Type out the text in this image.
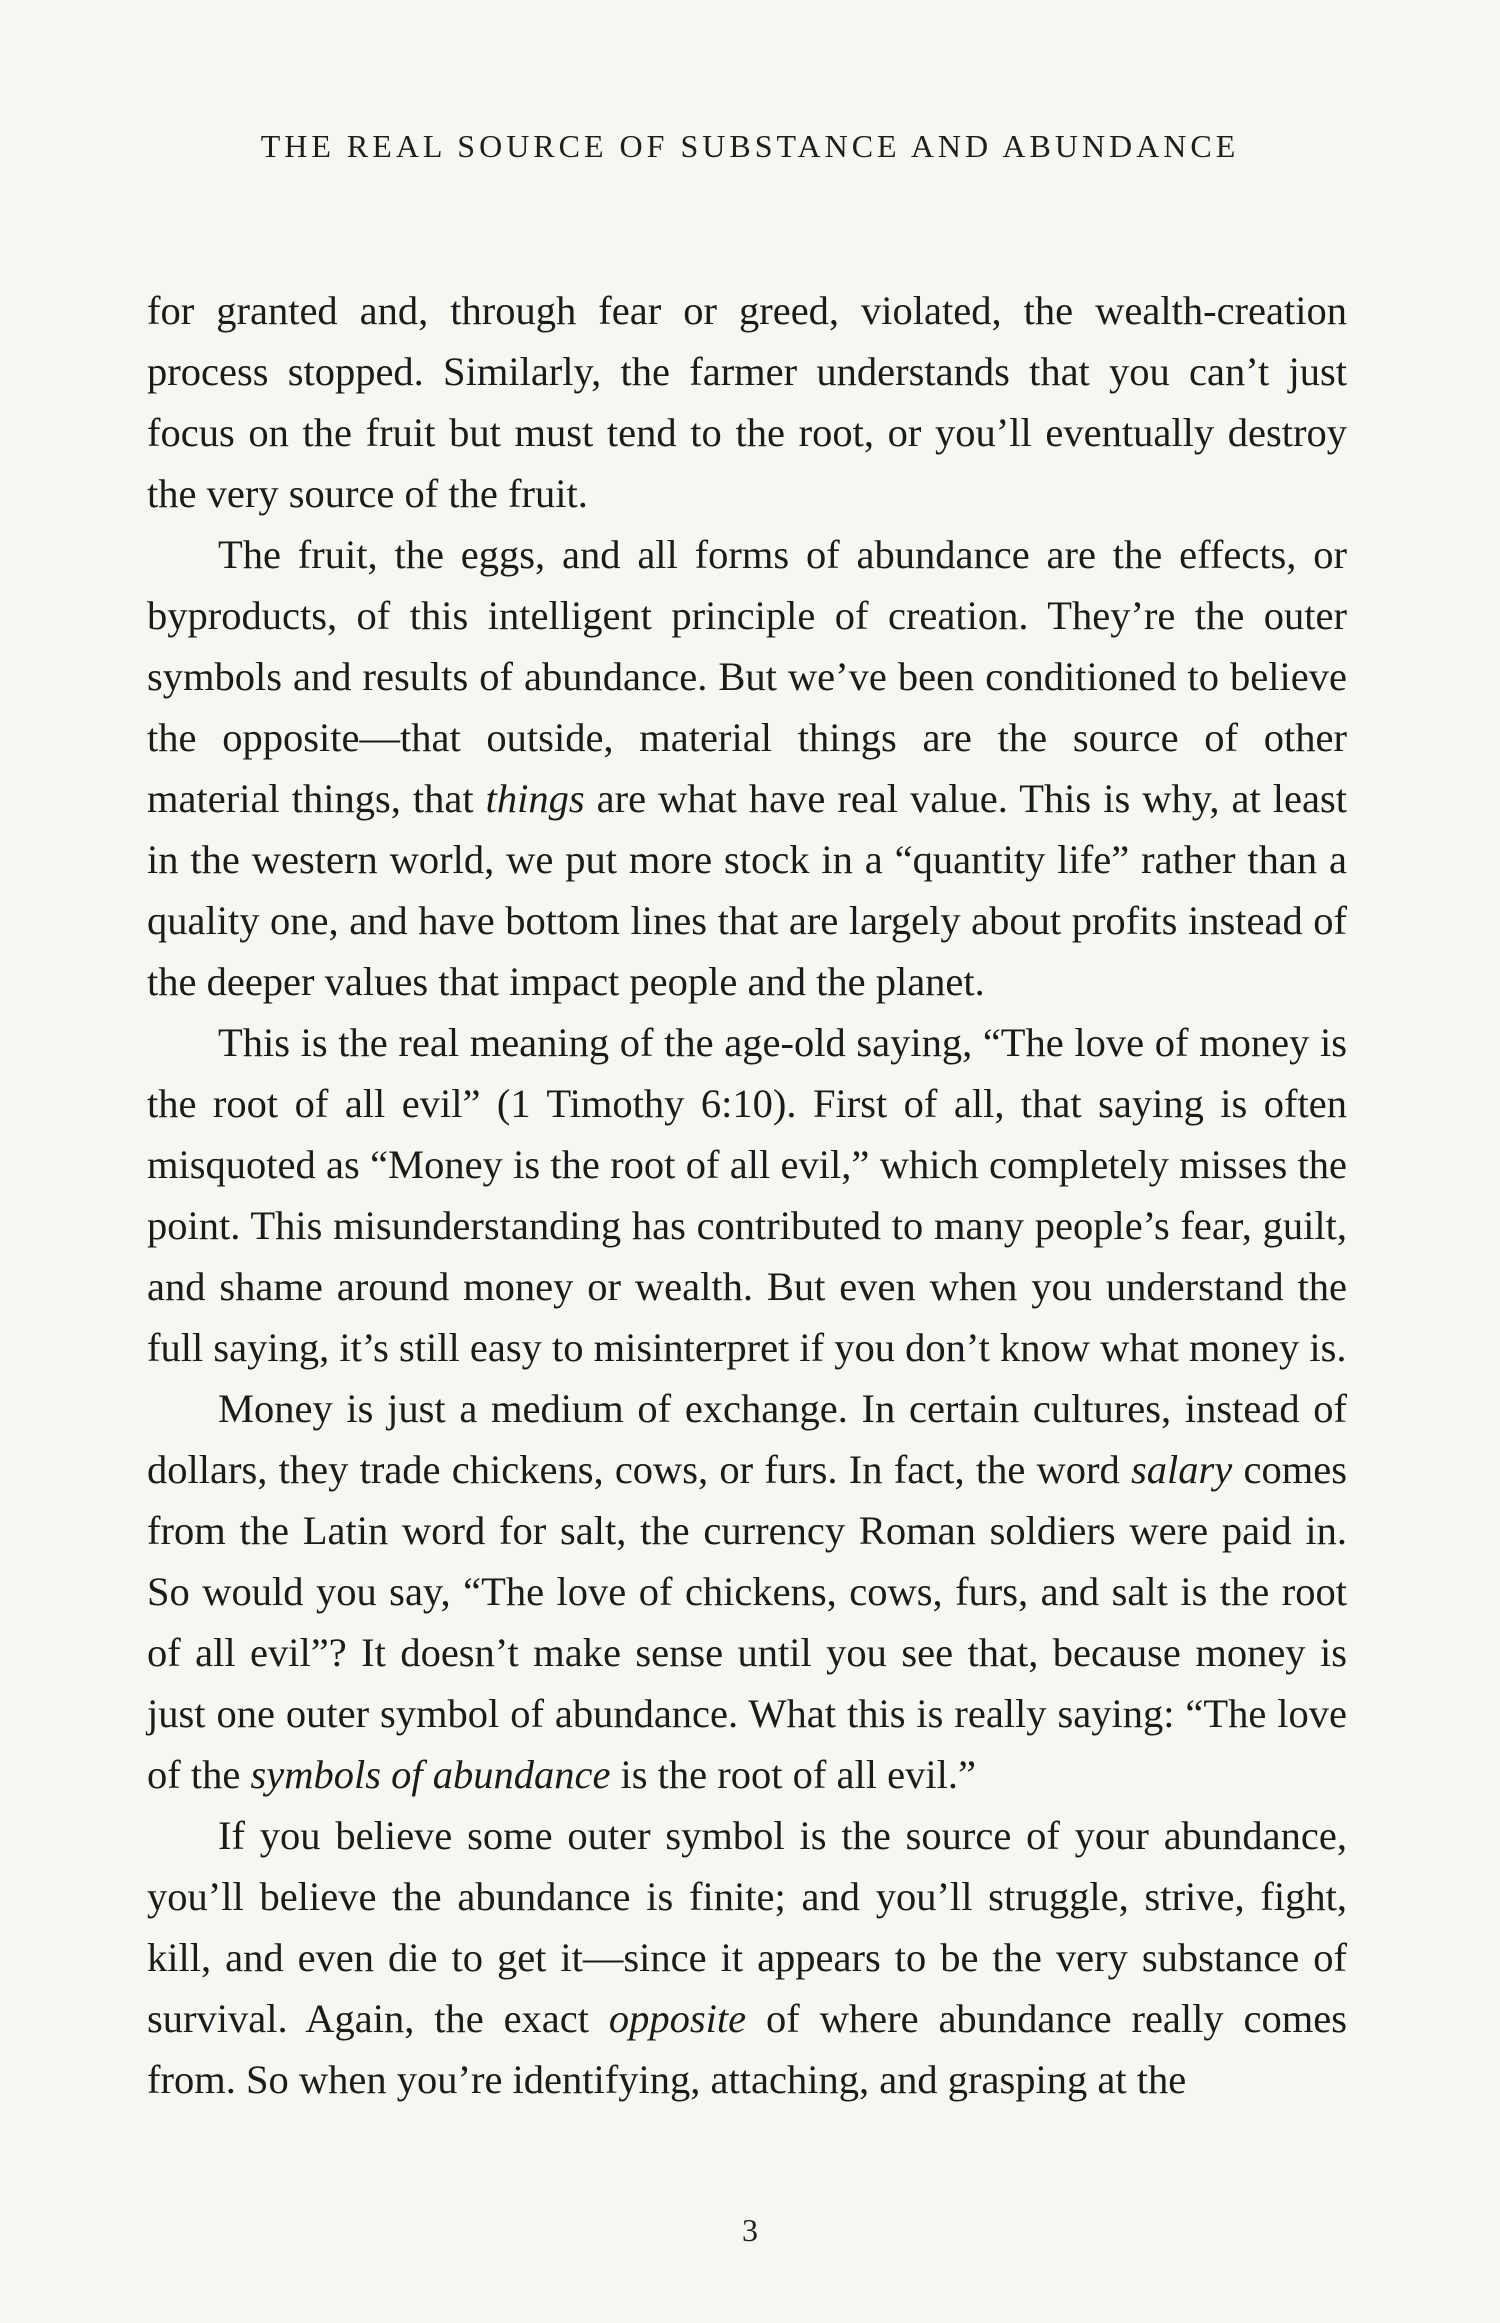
THE REAL SOURCE OF SUBSTANCE AND ABUNDANCE

for granted and, through fear or greed, violated, the wealth-creation process stopped. Similarly, the farmer understands that you can’t just focus on the fruit but must tend to the root, or you’ll eventually destroy the very source of the fruit.

The fruit, the eggs, and all forms of abundance are the effects, or byproducts, of this intelligent principle of creation. They’re the outer symbols and results of abundance. But we’ve been conditioned to believe the opposite—that outside, material things are the source of other material things, that things are what have real value. This is why, at least in the western world, we put more stock in a “quantity life” rather than a quality one, and have bottom lines that are largely about profits instead of the deeper values that impact people and the planet.

This is the real meaning of the age-old saying, “The love of money is the root of all evil” (1 Timothy 6:10). First of all, that saying is often misquoted as “Money is the root of all evil,” which completely misses the point. This misunderstanding has contributed to many people’s fear, guilt, and shame around money or wealth. But even when you understand the full saying, it’s still easy to misinterpret if you don’t know what money is.

Money is just a medium of exchange. In certain cultures, instead of dollars, they trade chickens, cows, or furs. In fact, the word salary comes from the Latin word for salt, the currency Roman soldiers were paid in. So would you say, “The love of chickens, cows, furs, and salt is the root of all evil”? It doesn’t make sense until you see that, because money is just one outer symbol of abundance. What this is really saying: “The love of the symbols of abundance is the root of all evil.”

If you believe some outer symbol is the source of your abundance, you’ll believe the abundance is finite; and you’ll struggle, strive, fight, kill, and even die to get it—since it appears to be the very substance of survival. Again, the exact opposite of where abundance really comes from. So when you’re identifying, attaching, and grasping at the

3
